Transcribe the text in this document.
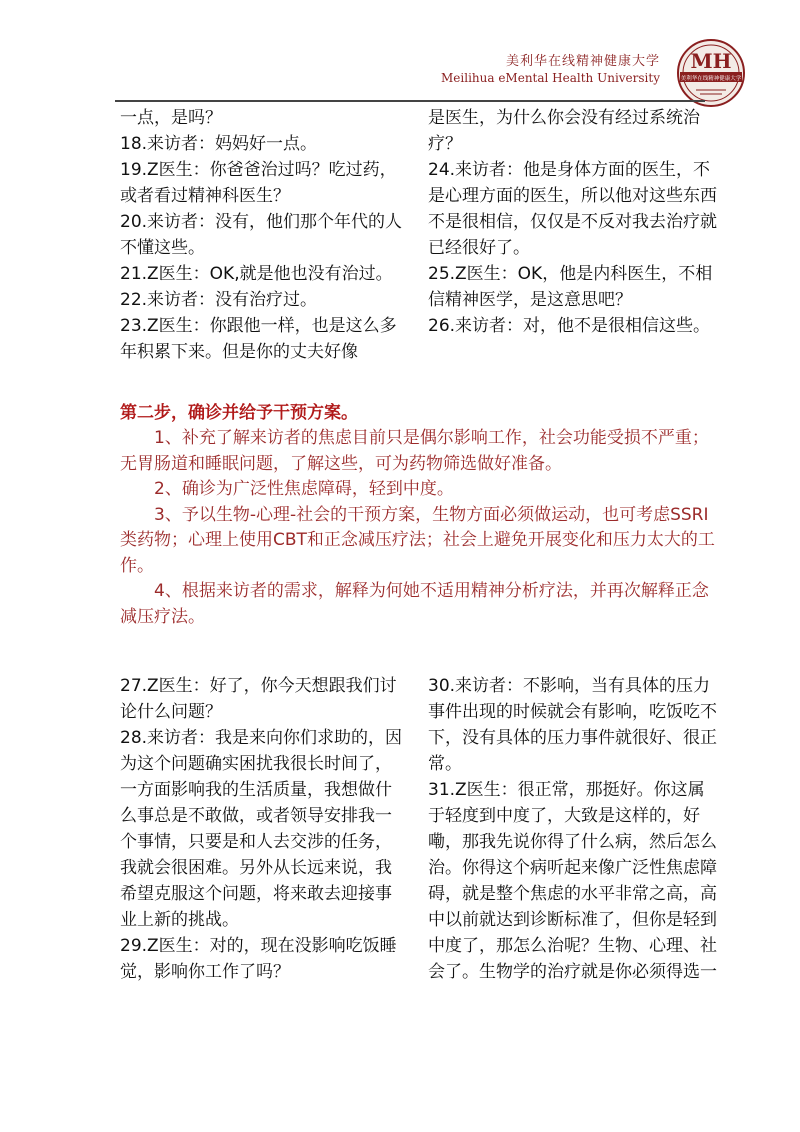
美利华在线精神健康大学
Meilihua eMental Health University
MH
美利华在线精神健康大学

一点，是吗？

18.来访者：妈妈好一点。

19.Z医生：你爸爸治过吗？吃过药，或者看过精神科医生？

20.来访者：没有，他们那个年代的人不懂这些。

21.Z医生：OK,就是他也没有治过。

22.来访者：没有治疗过。

23.Z医生：你跟他一样，也是这么多年积累下来。但是你的丈夫好像

是医生，为什么你会没有经过系统治疗？

24.来访者：他是身体方面的医生，不是心理方面的医生，所以他对这些东西不是很相信，仅仅是不反对我去治疗就已经很好了。

25.Z医生：OK，他是内科医生，不相信精神医学，是这意思吧？

26.来访者：对，他不是很相信这些。

第二步，确诊并给予干预方案。

1、补充了解来访者的焦虑目前只是偶尔影响工作，社会功能受损不严重；无胃肠道和睡眠问题，了解这些，可为药物筛选做好准备。

2、确诊为广泛性焦虑障碍，轻到中度。

3、予以生物-心理-社会的干预方案，生物方面必须做运动，也可考虑SSRI类药物；心理上使用CBT和正念减压疗法；社会上避免开展变化和压力太大的工作。

4、根据来访者的需求，解释为何她不适用精神分析疗法，并再次解释正念减压疗法。

27.Z医生：好了，你今天想跟我们讨论什么问题？

28.来访者：我是来向你们求助的，因为这个问题确实困扰我很长时间了，一方面影响我的生活质量，我想做什么事总是不敢做，或者领导安排我一个事情，只要是和人去交涉的任务，我就会很困难。另外从长远来说，我希望克服这个问题，将来敢去迎接事业上新的挑战。

29.Z医生：对的，现在没影响吃饭睡觉，影响你工作了吗？

30.来访者：不影响，当有具体的压力事件出现的时候就会有影响，吃饭吃不下，没有具体的压力事件就很好、很正常。

31.Z医生：很正常，那挺好。你这属于轻度到中度了，大致是这样的，好嘞，那我先说你得了什么病，然后怎么治。你得这个病听起来像广泛性焦虑障碍，就是整个焦虑的水平非常之高，高中以前就达到诊断标准了，但你是轻到中度了，那怎么治呢？生物、心理、社会了。生物学的治疗就是你必须得选一
